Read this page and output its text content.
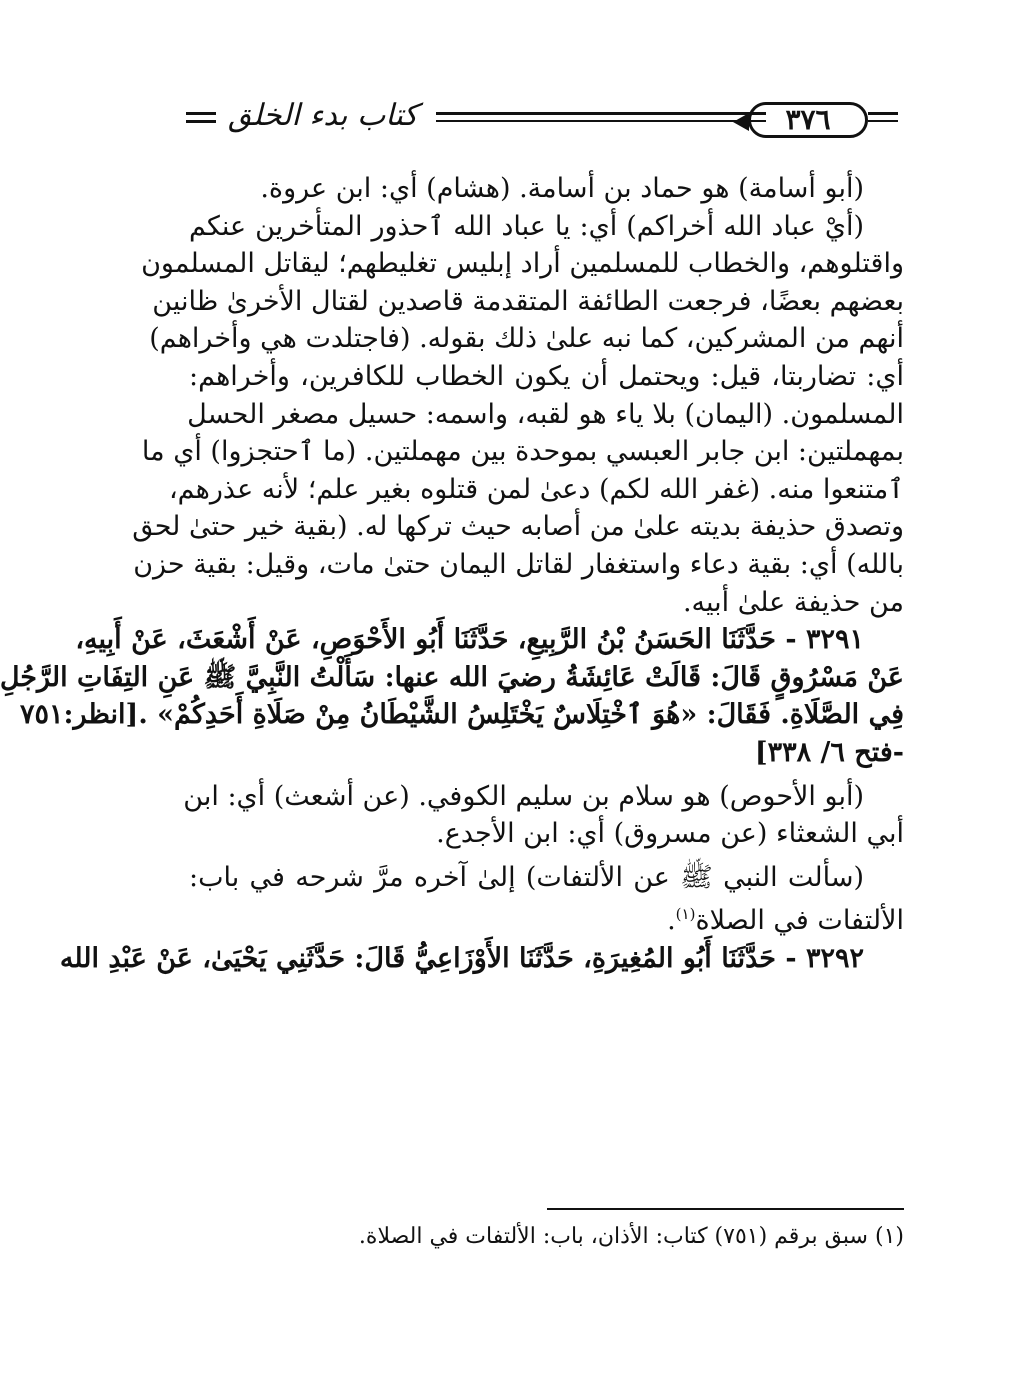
كتاب بدء الخلق	٣٧٦
(أبو أسامة) هو حماد بن أسامة. (هشام) أي: ابن عروة.
(أيْ عباد الله أخراكم) أي: يا عباد الله ٱحذور المتأخرين عنكم
واقتلوهم، والخطاب للمسلمين أراد إبليس تغليطهم؛ ليقاتل المسلمون
بعضهم بعضًا، فرجعت الطائفة المتقدمة قاصدين لقتال الأخرىٰ ظانين
أنهم من المشركين، كما نبه علىٰ ذلك بقوله. (فاجتلدت هي وأخراهم)
أي: تضاربتا، قيل: ويحتمل أن يكون الخطاب للكافرين، وأخراهم:
المسلمون. (اليمان) بلا ياء هو لقبه، واسمه: حسيل مصغر الحسل
بمهملتين: ابن جابر العبسي بموحدة بين مهملتين. (ما ٱحتجزوا) أي ما
ٱمتنعوا منه. (غفر الله لكم) دعىٰ لمن قتلوه بغير علم؛ لأنه عذرهم،
وتصدق حذيفة بديته علىٰ من أصابه حيث تركها له. (بقية خير حتىٰ لحق
بالله) أي: بقية دعاء واستغفار لقاتل اليمان حتىٰ مات، وقيل: بقية حزن
من حذيفة علىٰ أبيه.
٣٢٩١ - حَدَّثَنَا الحَسَنُ بْنُ الرَّبِيعِ، حَدَّثَنَا أَبُو الأَحْوَصِ، عَنْ أَشْعَثَ، عَنْ أَبِيهِ،
عَنْ مَسْرُوقٍ قَالَ: قَالَتْ عَائِشَةُ رضيَ الله عنها: سَأَلْتُ النَّبِيَّ ﷺ عَنِ التِفَاتِ الرَّجُلِ
فِي الصَّلَاةِ. فَقَالَ: «هُوَ ٱخْتِلَاسٌ يَخْتَلِسُ الشَّيْطَانُ مِنْ صَلَاةِ أَحَدِكُمْ» .[انظر:٧٥١
-فتح ٦/ ٣٣٨]
(أبو الأحوص) هو سلام بن سليم الكوفي. (عن أشعث) أي: ابن
أبي الشعثاء (عن مسروق) أي: ابن الأجدع.
(سألت النبي ﷺ عن الألتفات) إلىٰ آخره مرَّ شرحه في باب:
الألتفات في الصلاة$^{(١)}$.
٣٢٩٢ - حَدَّثَنَا أَبُو المُغِيرَةِ، حَدَّثَنَا الأَوْزَاعِيُّ قَالَ: حَدَّثَنِي يَحْيَىٰ، عَنْ عَبْدِ الله
(١) سبق برقم (٧٥١) كتاب: الأذان، باب: الألتفات في الصلاة.
